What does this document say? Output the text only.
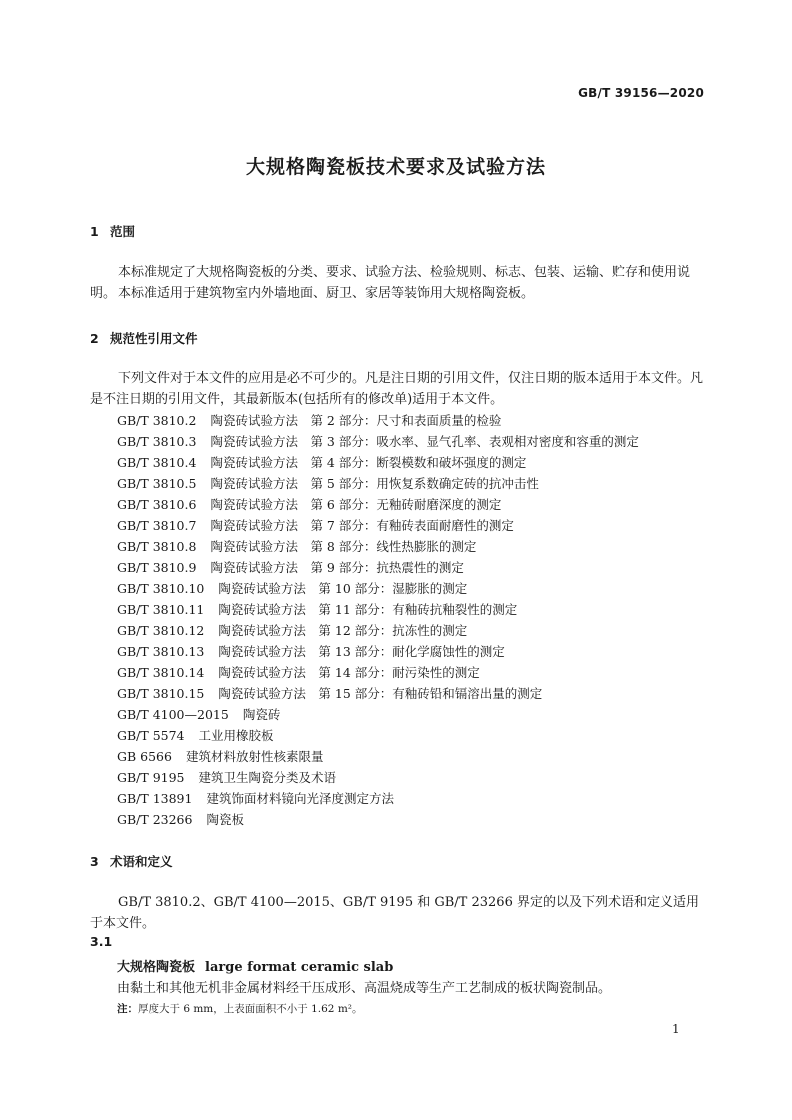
GB/T 39156—2020
大规格陶瓷板技术要求及试验方法
1 范围
本标准规定了大规格陶瓷板的分类、要求、试验方法、检验规则、标志、包装、运输、贮存和使用说明。 本标准适用于建筑物室内外墙地面、厨卫、家居等装饰用大规格陶瓷板。
2 规范性引用文件
下列文件对于本文件的应用是必不可少的。凡是注日期的引用文件，仅注日期的版本适用于本文件。凡是不注日期的引用文件，其最新版本(包括所有的修改单)适用于本文件。
GB/T 3810.2 陶瓷砖试验方法　第 2 部分：尺寸和表面质量的检验
GB/T 3810.3 陶瓷砖试验方法　第 3 部分：吸水率、显气孔率、表观相对密度和容重的测定
GB/T 3810.4 陶瓷砖试验方法　第 4 部分：断裂模数和破坏强度的测定
GB/T 3810.5 陶瓷砖试验方法　第 5 部分：用恢复系数确定砖的抗冲击性
GB/T 3810.6 陶瓷砖试验方法　第 6 部分：无釉砖耐磨深度的测定
GB/T 3810.7 陶瓷砖试验方法　第 7 部分：有釉砖表面耐磨性的测定
GB/T 3810.8 陶瓷砖试验方法　第 8 部分：线性热膨胀的测定
GB/T 3810.9 陶瓷砖试验方法　第 9 部分：抗热震性的测定
GB/T 3810.10 陶瓷砖试验方法　第 10 部分：湿膨胀的测定
GB/T 3810.11 陶瓷砖试验方法　第 11 部分：有釉砖抗釉裂性的测定
GB/T 3810.12 陶瓷砖试验方法　第 12 部分：抗冻性的测定
GB/T 3810.13 陶瓷砖试验方法　第 13 部分：耐化学腐蚀性的测定
GB/T 3810.14 陶瓷砖试验方法　第 14 部分：耐污染性的测定
GB/T 3810.15 陶瓷砖试验方法　第 15 部分：有釉砖铅和镉溶出量的测定
GB/T 4100—2015 陶瓷砖
GB/T 5574 工业用橡胶板
GB 6566 建筑材料放射性核素限量
GB/T 9195 建筑卫生陶瓷分类及术语
GB/T 13891 建筑饰面材料镜向光泽度测定方法
GB/T 23266 陶瓷板
3 术语和定义
GB/T 3810.2、GB/T 4100—2015、GB/T 9195 和 GB/T 23266 界定的以及下列术语和定义适用于本文件。
3.1
大规格陶瓷板 large format ceramic slab
由黏土和其他无机非金属材料经干压成形、高温烧成等生产工艺制成的板状陶瓷制品。
注：厚度大于 6 mm，上表面面积不小于 1.62 m²。
1
